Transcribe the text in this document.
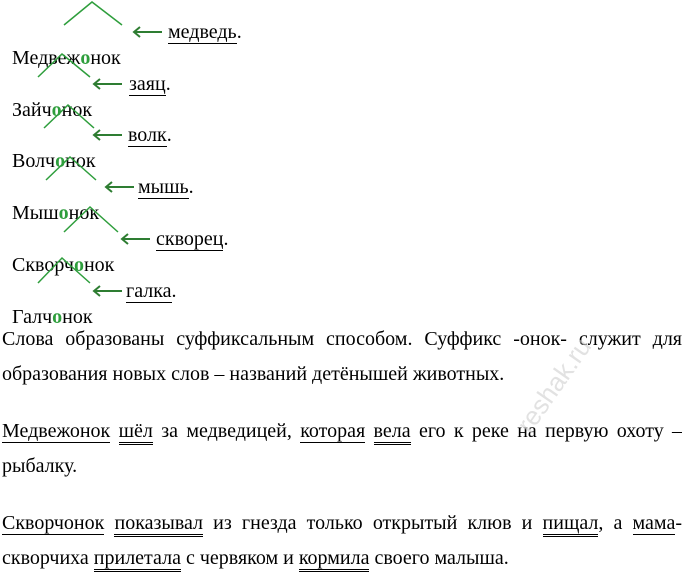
Медвежонок

медведь.

Зайчонок

заяц.

Волчонок

волк.

Мышонок

мышь.

Скворчонок

скворец.

Галчонок

галка.
Слова образованы суффиксальным способом. Суффикс -онок- служит для образования новых слов – названий детёнышей животных.
Медвежонок шёл за медведицей, которая вела его к реке на первую охоту – рыбалку.
Скворчонок показывал из гнезда только открытый клюв и пищал, а мама-скворчиха прилетала с червяком и кормила своего малыша.
reshak.ru
